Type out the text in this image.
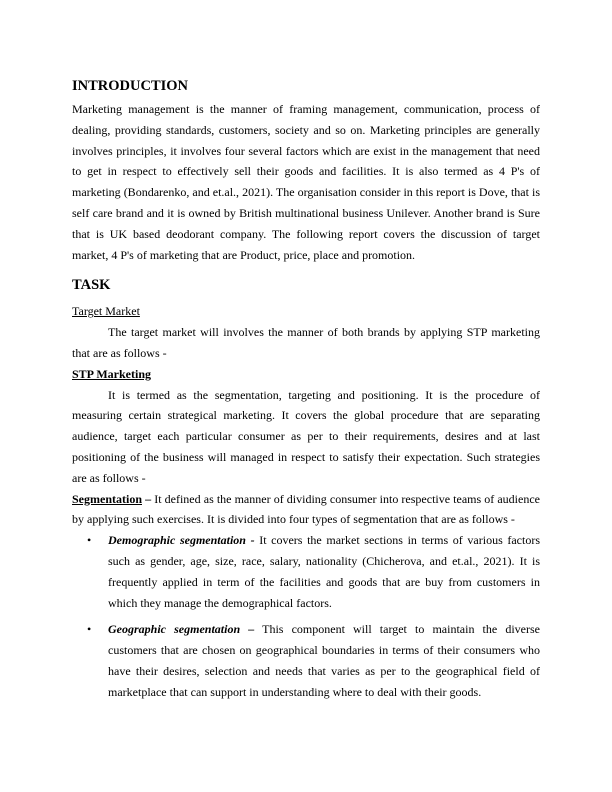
INTRODUCTION

Marketing management is the manner of framing management, communication, process of dealing, providing standards, customers, society and so on. Marketing principles are generally involves principles, it involves four several factors which are exist in the management that need to get in respect to effectively sell their goods and facilities. It is also termed as 4 P's of marketing (Bondarenko, and et.al., 2021). The organisation consider in this report is Dove, that is self care brand and it is owned by British multinational business Unilever. Another brand is Sure that is UK based deodorant company. The following report covers the discussion of target market, 4 P's of marketing that are Product, price, place and promotion.

TASK
Target Market

The target market will involves the manner of both brands by applying STP marketing that are as follows -

STP Marketing

It is termed as the segmentation, targeting and positioning. It is the procedure of measuring certain strategical marketing. It covers the global procedure that are separating audience, target each particular consumer as per to their requirements, desires and at last positioning of the business will managed in respect to satisfy their expectation. Such strategies are as follows -

Segmentation – It defined as the manner of dividing consumer into respective teams of audience by applying such exercises. It is divided into four types of segmentation that are as follows -

• Demographic segmentation - It covers the market sections in terms of various factors such as gender, age, size, race, salary, nationality (Chicherova, and et.al., 2021). It is frequently applied in term of the facilities and goods that are buy from customers in which they manage the demographical factors.
• Geographic segmentation – This component will target to maintain the diverse customers that are chosen on geographical boundaries in terms of their consumers who have their desires, selection and needs that varies as per to the geographical field of marketplace that can support in understanding where to deal with their goods.
